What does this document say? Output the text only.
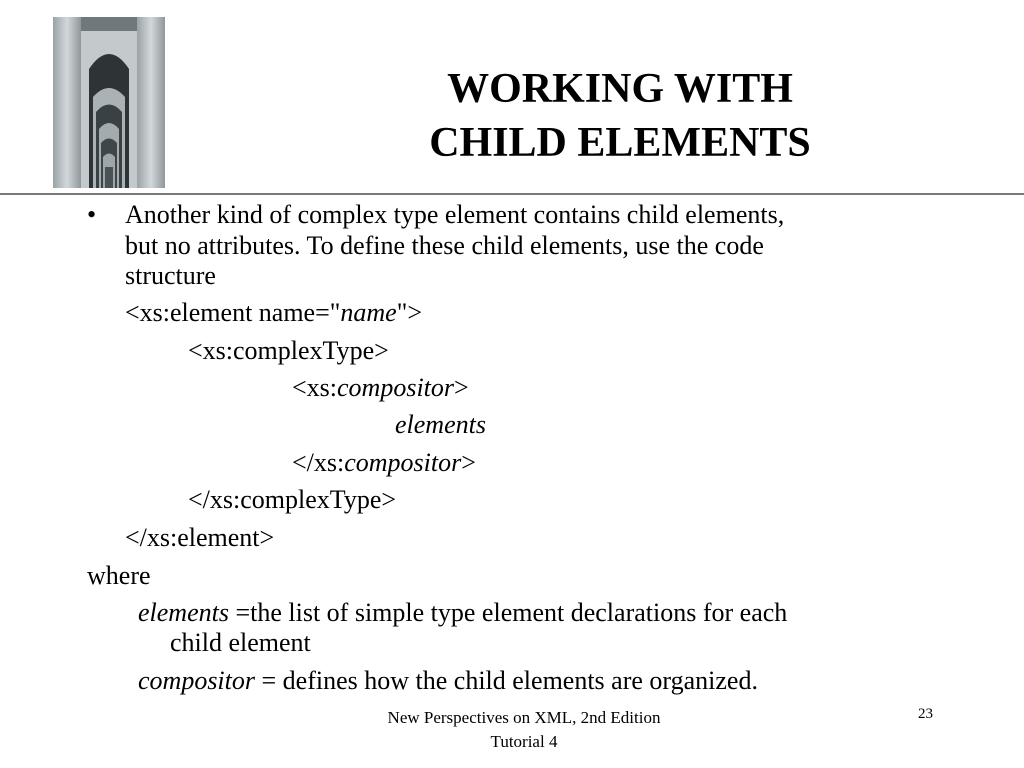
WORKING WITH
CHILD ELEMENTS
• Another kind of complex type element contains child elements,
but no attributes. To define these child elements, use the code
structure
<xs:element name="name">
<xs:complexType>
<xs:compositor>
elements
</xs:compositor>
</xs:complexType>
</xs:element>
where
elements =the list of simple type element declarations for each
child element
compositor = defines how the child elements are organized.
New Perspectives on XML, 2nd Edition
Tutorial 4
23
